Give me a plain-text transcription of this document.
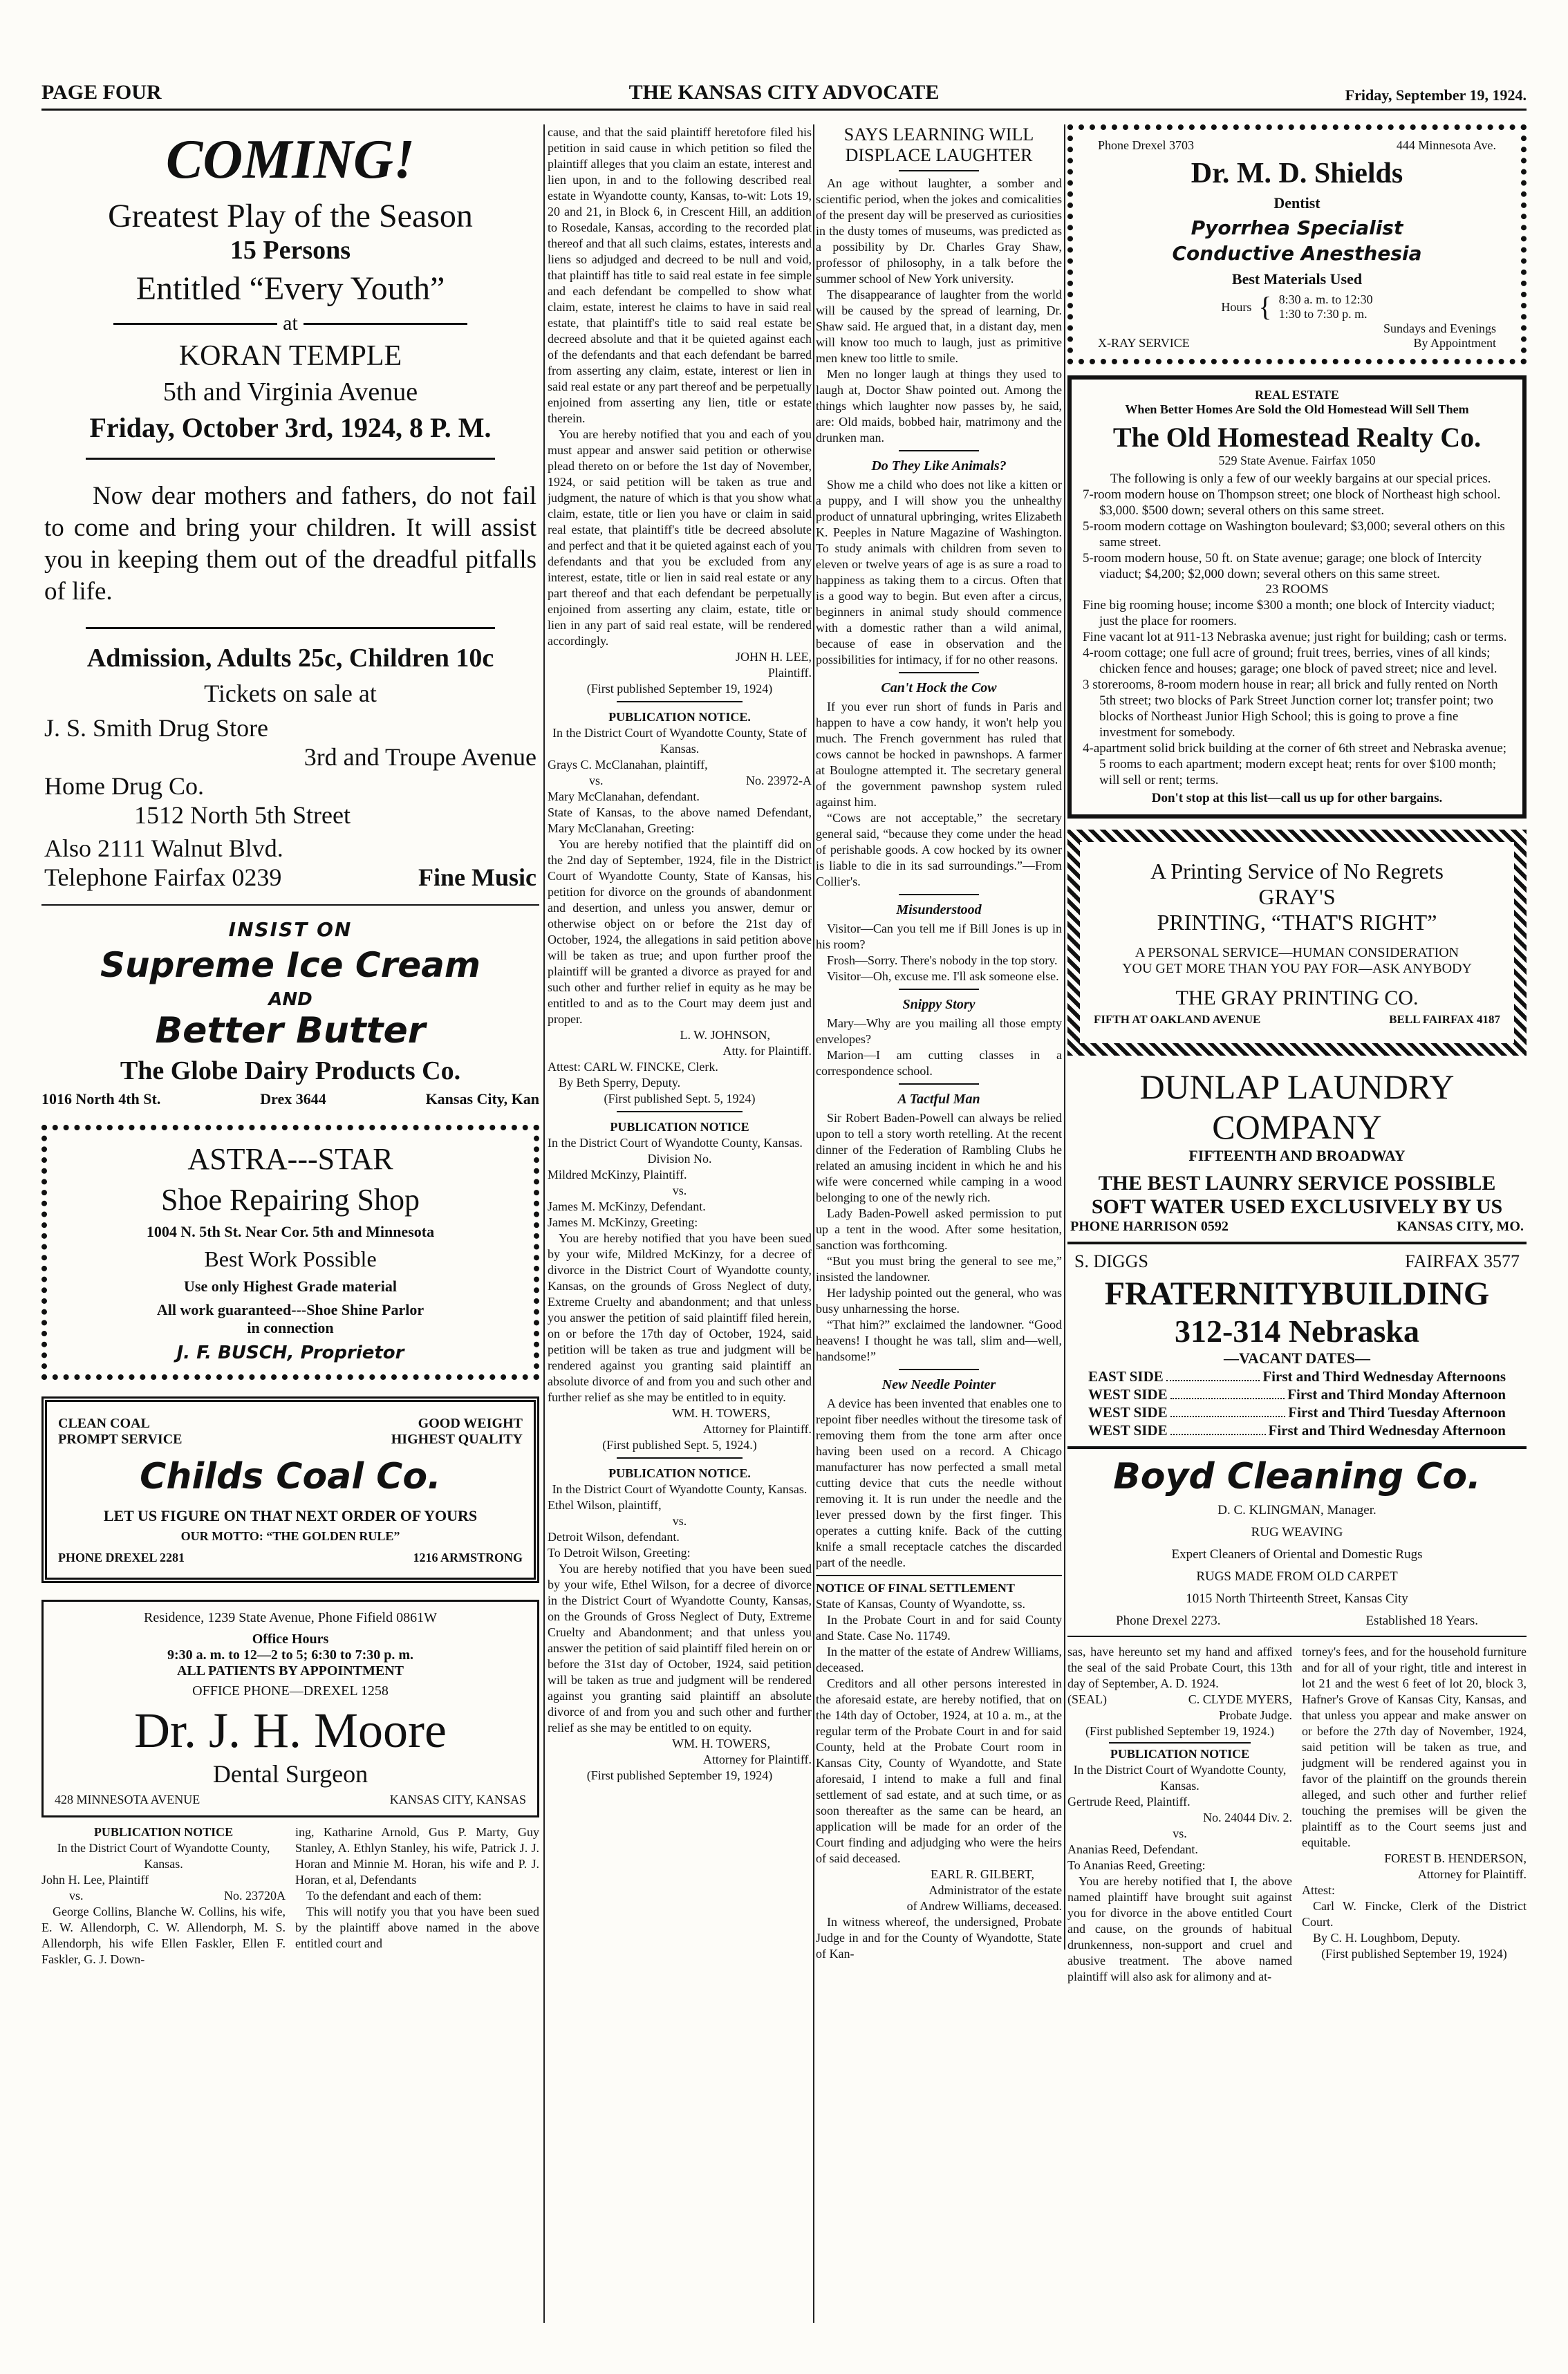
PAGE FOUR	THE KANSAS CITY ADVOCATE	Friday, September 19, 1924.
COMING!
Greatest Play of the Season
15 Persons
Entitled “Every Youth”
at
KORAN TEMPLE
5th and Virginia Avenue
Friday, October 3rd, 1924, 8 P. M.
Now dear mothers and fathers, do not fail to come and bring your children. It will assist you in keeping them out of the dreadful pitfalls of life.
Admission, Adults 25c, Children 10c
Tickets on sale at
J. S. Smith Drug Store
3rd and Troupe Avenue
Home Drug Co.
1512 North 5th Street
Also 2111 Walnut Blvd.
Telephone Fairfax 0239	Fine Music
INSIST ON
Supreme Ice Cream
AND
Better Butter
The Globe Dairy Products Co.
1016 North 4th St.	Drex 3644	Kansas City, Kan
ASTRA---STAR
Shoe Repairing Shop
1004 N. 5th St. Near Cor. 5th and Minnesota
Best Work Possible
Use only Highest Grade material
All work guaranteed---Shoe Shine Parlor
in connection
J. F. BUSCH, Proprietor
CLEAN COAL	GOOD WEIGHT
PROMPT SERVICE	HIGHEST QUALITY
Childs Coal Co.
LET US FIGURE ON THAT NEXT ORDER OF YOURS
OUR MOTTO: “THE GOLDEN RULE”
PHONE DREXEL 2281	1216 ARMSTRONG
Residence, 1239 State Avenue, Phone Fifield 0861W
Office Hours
9:30 a. m. to 12—2 to 5; 6:30 to 7:30 p. m.
ALL PATIENTS BY APPOINTMENT
OFFICE PHONE—DREXEL 1258
Dr. J. H. Moore
Dental Surgeon
428 MINNESOTA AVENUE	KANSAS CITY, KANSAS

PUBLICATION NOTICE

In the District Court of Wyandotte County, Kansas.

John H. Lee, Plaintiff

vs.	No. 23720A

George Collins, Blanche W. Collins, his wife, E. W. Allendorph, C. W. Allendorph, M. S. Allendorph, his wife Ellen Faskler, Ellen F. Faskler, G. J. Down-

ing, Katharine Arnold, Gus P. Marty, Guy Stanley, A. Ethlyn Stanley, his wife, Patrick J. J. Horan and Minnie M. Horan, his wife and P. J. Horan, et al, Defendants

To the defendant and each of them:

This will notify you that you have been sued by the plaintiff above named in the above entitled court and

cause, and that the said plaintiff heretofore filed his petition in said cause in which petition so filed the plaintiff alleges that you claim an estate, interest and lien upon, in and to the following described real estate in Wyandotte county, Kansas, to-wit: Lots 19, 20 and 21, in Block 6, in Crescent Hill, an addition to Rosedale, Kansas, according to the recorded plat thereof and that all such claims, estates, interests and liens so adjudged and decreed to be null and void, that plaintiff has title to said real estate in fee simple and each defendant be compelled to show what claim, estate, interest he claims to have in said real estate, that plaintiff's title to said real estate be decreed absolute and that it be quieted against each of the defendants and that each defendant be barred from asserting any claim, estate, interest or lien in said real estate or any part thereof and be perpetually enjoined from asserting any lien, title or estate therein.

You are hereby notified that you and each of you must appear and answer said petition or otherwise plead thereto on or before the 1st day of November, 1924, or said petition will be taken as true and judgment, the nature of which is that you show what claim, estate, title or lien you have or claim in said real estate, that plaintiff's title be decreed absolute and perfect and that it be quieted against each of you defendants and that you be excluded from any interest, estate, title or lien in said real estate or any part thereof and that each defendant be perpetually enjoined from asserting any claim, estate, title or lien in any part of said real estate, will be rendered accordingly.

JOHN H. LEE,

Plaintiff.

(First published September 19, 1924)

PUBLICATION NOTICE.

In the District Court of Wyandotte County, State of Kansas.

Grays C. McClanahan, plaintiff,

vs.	No. 23972-A

Mary McClanahan, defendant.

State of Kansas, to the above named Defendant, Mary McClanahan, Greeting:

You are hereby notified that the plaintiff did on the 2nd day of September, 1924, file in the District Court of Wyandotte County, State of Kansas, his petition for divorce on the grounds of abandonment and desertion, and unless you answer, demur or otherwise object on or before the 21st day of October, 1924, the allegations in said petition above will be taken as true; and upon further proof the plaintiff will be granted a divorce as prayed for and such other and further relief in equity as he may be entitled to and as to the Court may deem just and proper.

L. W. JOHNSON,

Atty. for Plaintiff.

Attest: CARL W. FINCKE, Clerk.

By Beth Sperry, Deputy.

(First published Sept. 5, 1924)

PUBLICATION NOTICE

In the District Court of Wyandotte County, Kansas.

Division No.

Mildred McKinzy, Plaintiff.

vs.

James M. McKinzy, Defendant.

James M. McKinzy, Greeting:

You are hereby notified that you have been sued by your wife, Mildred McKinzy, for a decree of divorce in the District Court of Wyandotte county, Kansas, on the grounds of Gross Neglect of duty, Extreme Cruelty and abandonment; and that unless you answer the petition of said plaintiff filed herein, on or before the 17th day of October, 1924, said petition will be taken as true and judgment will be rendered against you granting said plaintiff an absolute divorce of and from you and such other and further relief as she may be entitled to in equity.

WM. H. TOWERS,

Attorney for Plaintiff.

(First published Sept. 5, 1924.)

PUBLICATION NOTICE.

In the District Court of Wyandotte County, Kansas.

Ethel Wilson, plaintiff,

vs.

Detroit Wilson, defendant.

To Detroit Wilson, Greeting:

You are hereby notified that you have been sued by your wife, Ethel Wilson, for a decree of divorce in the District Court of Wyandotte County, Kansas, on the Grounds of Gross Neglect of Duty, Extreme Cruelty and Abandonment; and that unless you answer the petition of said plaintiff filed herein on or before the 31st day of October, 1924, said petition will be taken as true and judgment will be rendered against you granting said plaintiff an absolute divorce of and from you and such other and further relief as she may be entitled to on equity.

WM. H. TOWERS,

Attorney for Plaintiff.

(First published September 19, 1924)

SAYS LEARNING WILL DISPLACE LAUGHTER

An age without laughter, a somber and scientific period, when the jokes and comicalities of the present day will be preserved as curiosities in the dusty tomes of museums, was predicted as a possibility by Dr. Charles Gray Shaw, professor of philosophy, in a talk before the summer school of New York university.

The disappearance of laughter from the world will be caused by the spread of learning, Dr. Shaw said. He argued that, in a distant day, men will know too much to laugh, just as primitive men knew too little to smile.

Men no longer laugh at things they used to laugh at, Doctor Shaw pointed out. Among the things which laughter now passes by, he said, are: Old maids, bobbed hair, matrimony and the drunken man.

Do They Like Animals?

Show me a child who does not like a kitten or a puppy, and I will show you the unhealthy product of unnatural upbringing, writes Elizabeth K. Peeples in Nature Magazine of Washington. To study animals with children from seven to eleven or twelve years of age is as sure a road to happiness as taking them to a circus. Often that is a good way to begin. But even after a circus, beginners in animal study should commence with a domestic rather than a wild animal, because of ease in observation and the possibilities for intimacy, if for no other reasons.

Can't Hock the Cow

If you ever run short of funds in Paris and happen to have a cow handy, it won't help you much. The French government has ruled that cows cannot be hocked in pawnshops. A farmer at Boulogne attempted it. The secretary general of the government pawnshop system ruled against him.

“Cows are not acceptable,” the secretary general said, “because they come under the head of perishable goods. A cow hocked by its owner is liable to die in its sad surroundings.”—From Collier's.

Misunderstood

Visitor—Can you tell me if Bill Jones is up in his room?

Frosh—Sorry. There's nobody in the top story.

Visitor—Oh, excuse me. I'll ask someone else.

Snippy Story

Mary—Why are you mailing all those empty envelopes?

Marion—I am cutting classes in a correspondence school.

A Tactful Man

Sir Robert Baden-Powell can always be relied upon to tell a story worth retelling. At the recent dinner of the Federation of Rambling Clubs he related an amusing incident in which he and his wife were concerned while camping in a wood belonging to one of the newly rich.

Lady Baden-Powell asked permission to put up a tent in the wood. After some hesitation, sanction was forthcoming.

“But you must bring the general to see me,” insisted the landowner.

Her ladyship pointed out the general, who was busy unharnessing the horse.

“That him?” exclaimed the landowner. “Good heavens! I thought he was tall, slim and—well, handsome!”

New Needle Pointer

A device has been invented that enables one to repoint fiber needles without the tiresome task of removing them from the tone arm after once having been used on a record. A Chicago manufacturer has now perfected a small metal cutting device that cuts the needle without removing it. It is run under the needle and the lever pressed down by the first finger. This operates a cutting knife. Back of the cutting knife a small receptacle catches the discarded part of the needle.

NOTICE OF FINAL SETTLEMENT

State of Kansas, County of Wyandotte, ss.

In the Probate Court in and for said County and State. Case No. 11749.

In the matter of the estate of Andrew Williams, deceased.

Creditors and all other persons interested in the aforesaid estate, are hereby notified, that on the 14th day of October, 1924, at 10 a. m., at the regular term of the Probate Court in and for said County, held at the Probate Court room in Kansas City, County of Wyandotte, and State aforesaid, I intend to make a full and final settlement of sad estate, and at such time, or as soon thereafter as the same can be heard, an application will be made for an order of the Court finding and adjudging who were the heirs of said deceased.

EARL R. GILBERT,

Administrator of the estate

of Andrew Williams, deceased.

In witness whereof, the undersigned, Probate Judge in and for the County of Wyandotte, State of Kan-

Phone Drexel 3703	444 Minnesota Ave.
Dr. M. D. Shields
Dentist
Pyorrhea Specialist
Conductive Anesthesia
Best Materials Used
Hours { 8:30 a. m. to 12:30
1:30 to 7:30 p. m.
Sundays and Evenings
X-RAY SERVICE	By Appointment
REAL ESTATE
When Better Homes Are Sold the Old Homestead Will Sell Them
The Old Homestead Realty Co.
529 State Avenue. Fairfax 1050
The following is only a few of our weekly bargains at our special prices.
7-room modern house on Thompson street; one block of Northeast high school. $3,000. $500 down; several others on this same street.
5-room modern cottage on Washington boulevard; $3,000; several others on this same street.
5-room modern house, 50 ft. on State avenue; garage; one block of Intercity viaduct; $4,200; $2,000 down; several others on this same street.
23 ROOMS
Fine big rooming house; income $300 a month; one block of Intercity viaduct; just the place for roomers.
Fine vacant lot at 911-13 Nebraska avenue; just right for building; cash or terms.
4-room cottage; one full acre of ground; fruit trees, berries, vines of all kinds; chicken fence and houses; garage; one block of paved street; nice and level.
3 storerooms, 8-room modern house in rear; all brick and fully rented on North 5th street; two blocks of Park Street Junction corner lot; transfer point; two blocks of Northeast Junior High School; this is going to prove a fine investment for somebody.
4-apartment solid brick building at the corner of 6th street and Nebraska avenue; 5 rooms to each apartment; modern except heat; rents for over $100 month; will sell or rent; terms.
Don't stop at this list—call us up for other bargains.
A Printing Service of No Regrets
GRAY'S
PRINTING, “THAT'S RIGHT”
A PERSONAL SERVICE—HUMAN CONSIDERATION
YOU GET MORE THAN YOU PAY FOR—ASK ANYBODY
THE GRAY PRINTING CO.
FIFTH AT OAKLAND AVENUE	BELL FAIRFAX 4187
DUNLAP LAUNDRY
COMPANY
FIFTEENTH AND BROADWAY
THE BEST LAUNRY SERVICE POSSIBLE
SOFT WATER USED EXCLUSIVELY BY US
PHONE HARRISON 0592	KANSAS CITY, MO.
S. DIGGS	FAIRFAX 3577
FRATERNITYBUILDING
312-314 Nebraska
—VACANT DATES—
EAST SIDE	First and Third Wednesday Afternoons
WEST SIDE	First and Third Monday Afternoon
WEST SIDE	First and Third Tuesday Afternoon
WEST SIDE	First and Third Wednesday Afternoon
Boyd Cleaning Co.
D. C. KLINGMAN, Manager.
RUG WEAVING
Expert Cleaners of Oriental and Domestic Rugs
RUGS MADE FROM OLD CARPET
1015 North Thirteenth Street, Kansas City
Phone Drexel 2273.	Established 18 Years.

sas, have hereunto set my hand and affixed the seal of the said Probate Court, this 13th day of September, A. D. 1924.

(SEAL)	C. CLYDE MYERS,

Probate Judge.

(First published September 19, 1924.)

PUBLICATION NOTICE

In the District Court of Wyandotte County, Kansas.

Gertrude Reed, Plaintiff.

No. 24044 Div. 2.

vs.

Ananias Reed, Defendant.

To Ananias Reed, Greeting:

You are hereby notified that I, the above named plaintiff have brought suit against you for divorce in the above entitled Court and cause, on the grounds of habitual drunkenness, non-support and cruel and abusive treatment. The above named plaintiff will also ask for alimony and at-

torney's fees, and for the household furniture and for all of your right, title and interest in lot 21 and the west 6 feet of lot 20, block 3, Hafner's Grove of Kansas City, Kansas, and that unless you appear and make answer on or before the 27th day of November, 1924, said petition will be taken as true, and judgment will be rendered against you in favor of the plaintiff on the grounds therein alleged, and such other and further relief touching the premises will be given the plaintiff as to the Court seems just and equitable.

FOREST B. HENDERSON,

Attorney for Plaintiff.

Attest:

Carl W. Fincke, Clerk of the District Court.

By C. H. Loughbom, Deputy.

(First published September 19, 1924)
